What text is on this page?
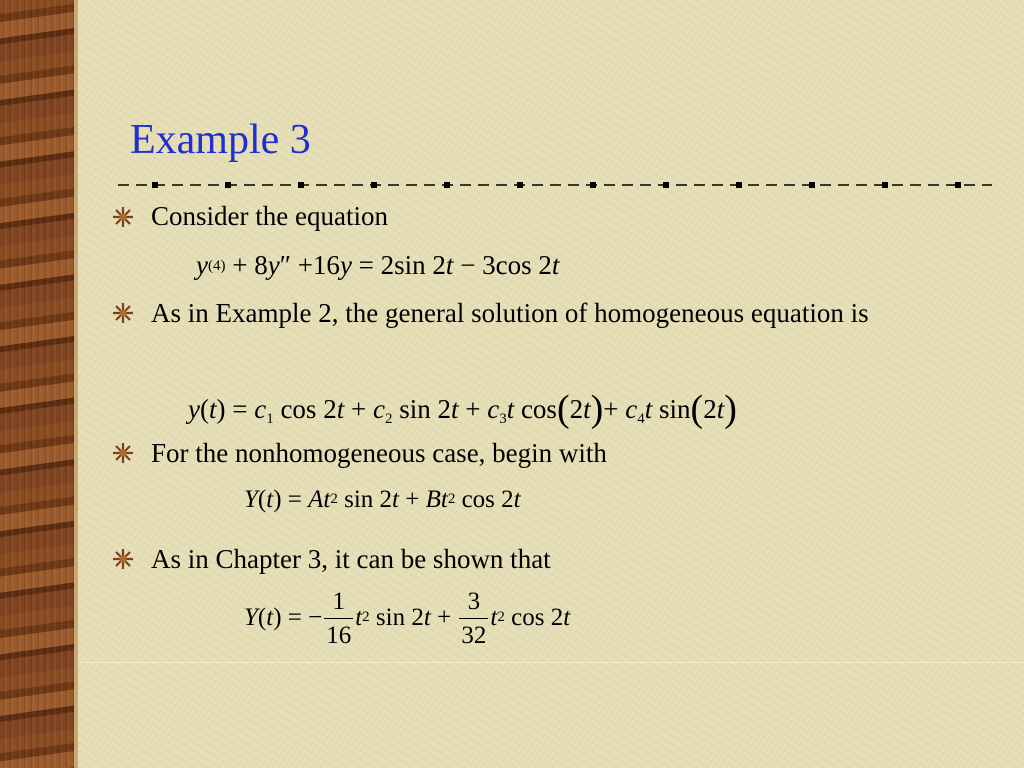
Example 3
Consider the equation
$y^{(4)} + 8y'' +16y = 2\sin$ 2t − 3cos 2t
As in Example 2, the general solution of homogeneous equation is
$y(t) = c_1$ $\cos 2t + c_2$ $\sin 2t + c_3t$ $\cos(2t)+ c_4t$ sin(2t)
For the nonhomogeneous case, begin with
$Y(t) = At^2$ $\sin 2t + Bt^2$ cos 2t
As in Chapter 3, it can be shown that
Y(t) = − $\frac{1}{16} t^2$ $\sin 2t + \frac{3}{32} t^2$ cos 2t
